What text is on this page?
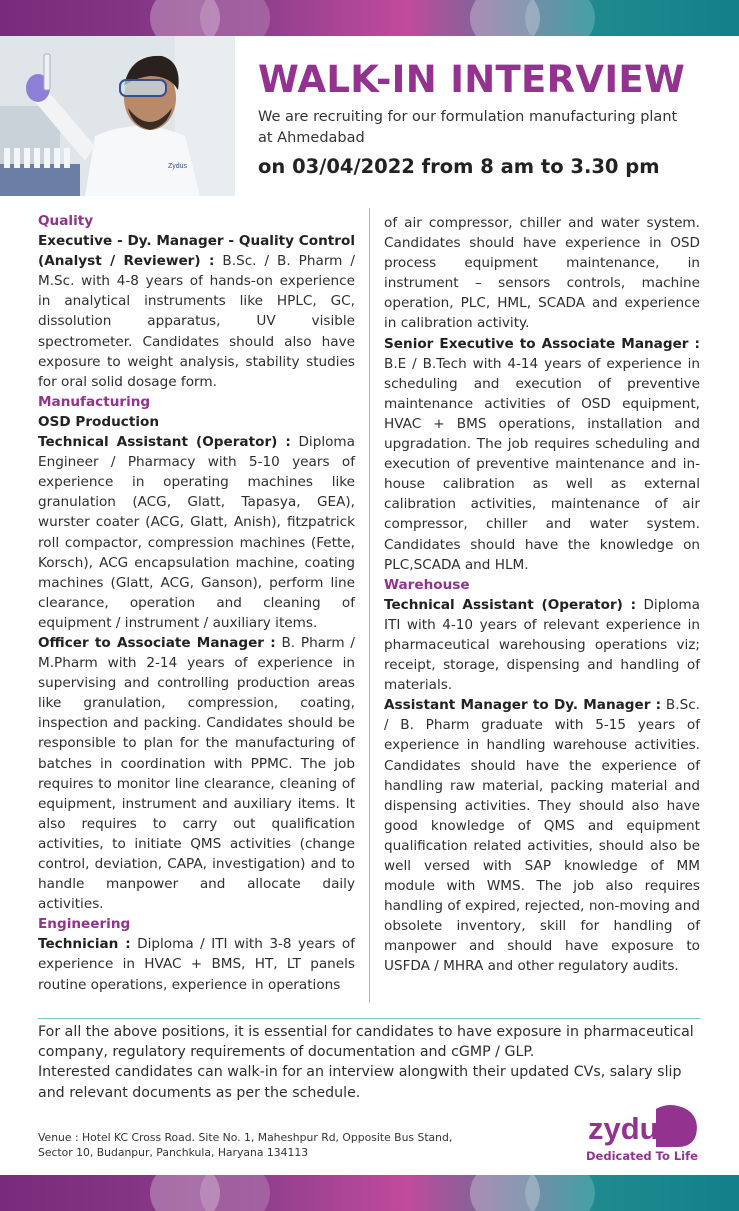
Zydus
WALK-IN INTERVIEW
We are recruiting for our formulation manufacturing plant at Ahmedabad
on 03/04/2022 from 8 am to 3.30 pm

Quality

Executive - Dy. Manager - Quality Control (Analyst / Reviewer) : B.Sc. / B. Pharm / M.Sc. with 4-8 years of hands-on experience in analytical instruments like HPLC, GC, dissolution apparatus, UV visible spectrometer. Candidates should also have exposure to weight analysis, stability studies for oral solid dosage form.

Manufacturing

OSD Production

Technical Assistant (Operator) : Diploma Engineer / Pharmacy with 5-10 years of experience in operating machines like granulation (ACG, Glatt, Tapasya, GEA), wurster coater (ACG, Glatt, Anish), fitzpatrick roll compactor, compression machines (Fette, Korsch), ACG encapsulation machine, coating machines (Glatt, ACG, Ganson), perform line clearance, operation and cleaning of equipment / instrument / auxiliary items.

Officer to Associate Manager : B. Pharm / M.Pharm with 2-14 years of experience in supervising and controlling production areas like granulation, compression, coating, inspection and packing. Candidates should be responsible to plan for the manufacturing of batches in coordination with PPMC. The job requires to monitor line clearance, cleaning of equipment, instrument and auxiliary items. It also requires to carry out qualification activities, to initiate QMS activities (change control, deviation, CAPA, investigation) and to handle manpower and allocate daily activities.

Engineering

Technician : Diploma / ITI with 3-8 years of experience in HVAC + BMS, HT, LT panels routine operations, experience in operations

of air compressor, chiller and water system. Candidates should have experience in OSD process equipment maintenance, in instrument – sensors controls, machine operation, PLC, HML, SCADA and experience in calibration activity.

Senior Executive to Associate Manager : B.E / B.Tech with 4-14 years of experience in scheduling and execution of preventive maintenance activities of OSD equipment, HVAC + BMS operations, installation and upgradation. The job requires scheduling and execution of preventive maintenance and in-house calibration as well as external calibration activities, maintenance of air compressor, chiller and water system. Candidates should have the knowledge on PLC,SCADA and HLM.

Warehouse

Technical Assistant (Operator) : Diploma ITI with 4-10 years of relevant experience in pharmaceutical warehousing operations viz; receipt, storage, dispensing and handling of materials.

Assistant Manager to Dy. Manager : B.Sc. / B. Pharm graduate with 5-15 years of experience in handling warehouse activities. Candidates should have the experience of handling raw material, packing material and dispensing activities. They should also have good knowledge of QMS and equipment qualification related activities, should also be well versed with SAP knowledge of MM module with WMS. The job also requires handling of expired, rejected, non-moving and obsolete inventory, skill for handling of manpower and should have exposure to USFDA / MHRA and other regulatory audits.

For all the above positions, it is essential for candidates to have exposure in pharmaceutical company, regulatory requirements of documentation and cGMP / GLP.

Interested candidates can walk-in for an interview alongwith their updated CVs, salary slip and relevant documents as per the schedule.

Venue : Hotel KC Cross Road. Site No. 1, Maheshpur Rd, Opposite Bus Stand,
Sector 10, Budanpur, Panchkula, Haryana 134113
zydus
Dedicated To Life
